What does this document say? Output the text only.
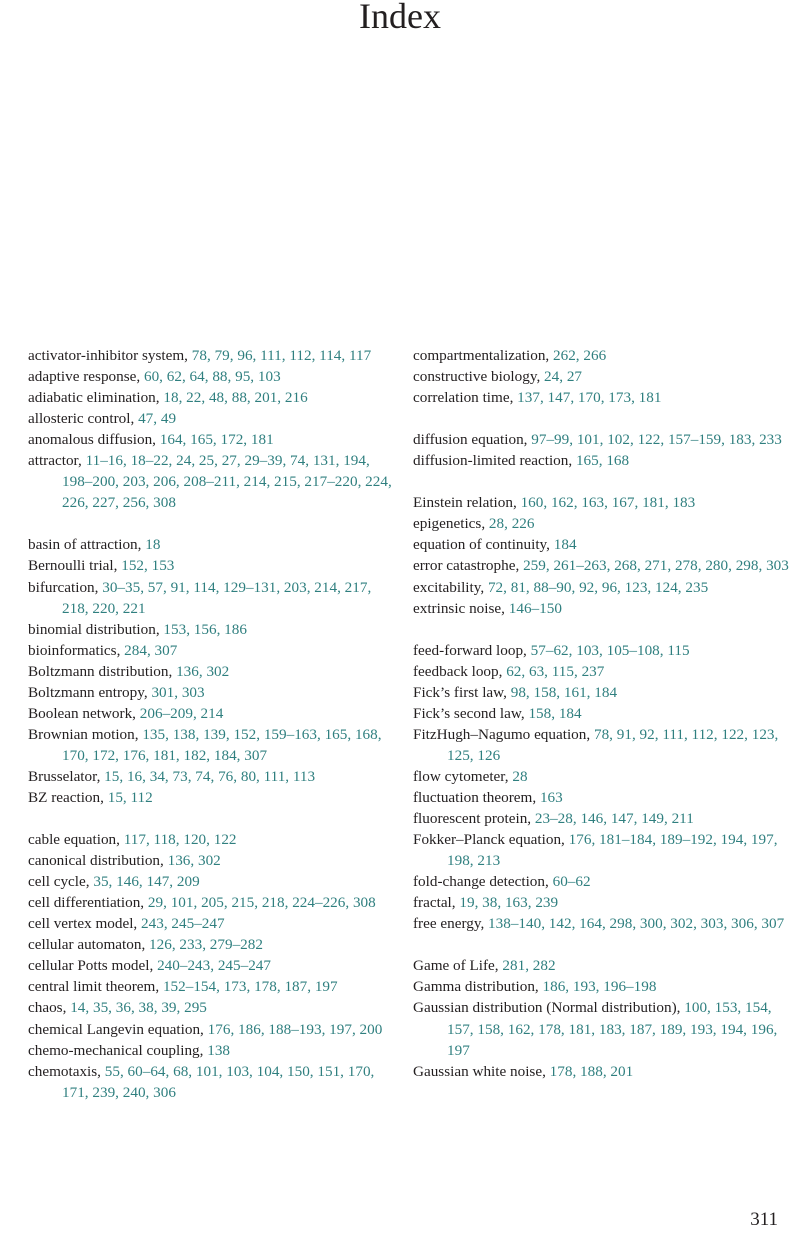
Index
activator-inhibitor system, 78, 79, 96, 111, 112, 114, 117
adaptive response, 60, 62, 64, 88, 95, 103
adiabatic elimination, 18, 22, 48, 88, 201, 216
allosteric control, 47, 49
anomalous diffusion, 164, 165, 172, 181
attractor, 11–16, 18–22, 24, 25, 27, 29–39, 74, 131, 194, 198–200, 203, 206, 208–211, 214, 215, 217–220, 224, 226, 227, 256, 308
basin of attraction, 18
Bernoulli trial, 152, 153
bifurcation, 30–35, 57, 91, 114, 129–131, 203, 214, 217, 218, 220, 221
binomial distribution, 153, 156, 186
bioinformatics, 284, 307
Boltzmann distribution, 136, 302
Boltzmann entropy, 301, 303
Boolean network, 206–209, 214
Brownian motion, 135, 138, 139, 152, 159–163, 165, 168, 170, 172, 176, 181, 182, 184, 307
Brusselator, 15, 16, 34, 73, 74, 76, 80, 111, 113
BZ reaction, 15, 112
cable equation, 117, 118, 120, 122
canonical distribution, 136, 302
cell cycle, 35, 146, 147, 209
cell differentiation, 29, 101, 205, 215, 218, 224–226, 308
cell vertex model, 243, 245–247
cellular automaton, 126, 233, 279–282
cellular Potts model, 240–243, 245–247
central limit theorem, 152–154, 173, 178, 187, 197
chaos, 14, 35, 36, 38, 39, 295
chemical Langevin equation, 176, 186, 188–193, 197, 200
chemo-mechanical coupling, 138
chemotaxis, 55, 60–64, 68, 101, 103, 104, 150, 151, 170, 171, 239, 240, 306
compartmentalization, 262, 266
constructive biology, 24, 27
correlation time, 137, 147, 170, 173, 181
diffusion equation, 97–99, 101, 102, 122, 157–159, 183, 233
diffusion-limited reaction, 165, 168
Einstein relation, 160, 162, 163, 167, 181, 183
epigenetics, 28, 226
equation of continuity, 184
error catastrophe, 259, 261–263, 268, 271, 278, 280, 298, 303
excitability, 72, 81, 88–90, 92, 96, 123, 124, 235
extrinsic noise, 146–150
feed-forward loop, 57–62, 103, 105–108, 115
feedback loop, 62, 63, 115, 237
Fick’s first law, 98, 158, 161, 184
Fick’s second law, 158, 184
FitzHugh–Nagumo equation, 78, 91, 92, 111, 112, 122, 123, 125, 126
flow cytometer, 28
fluctuation theorem, 163
fluorescent protein, 23–28, 146, 147, 149, 211
Fokker–Planck equation, 176, 181–184, 189–192, 194, 197, 198, 213
fold-change detection, 60–62
fractal, 19, 38, 163, 239
free energy, 138–140, 142, 164, 298, 300, 302, 303, 306, 307
Game of Life, 281, 282
Gamma distribution, 186, 193, 196–198
Gaussian distribution (Normal distribution), 100, 153, 154, 157, 158, 162, 178, 181, 183, 187, 189, 193, 194, 196, 197
Gaussian white noise, 178, 188, 201
311
